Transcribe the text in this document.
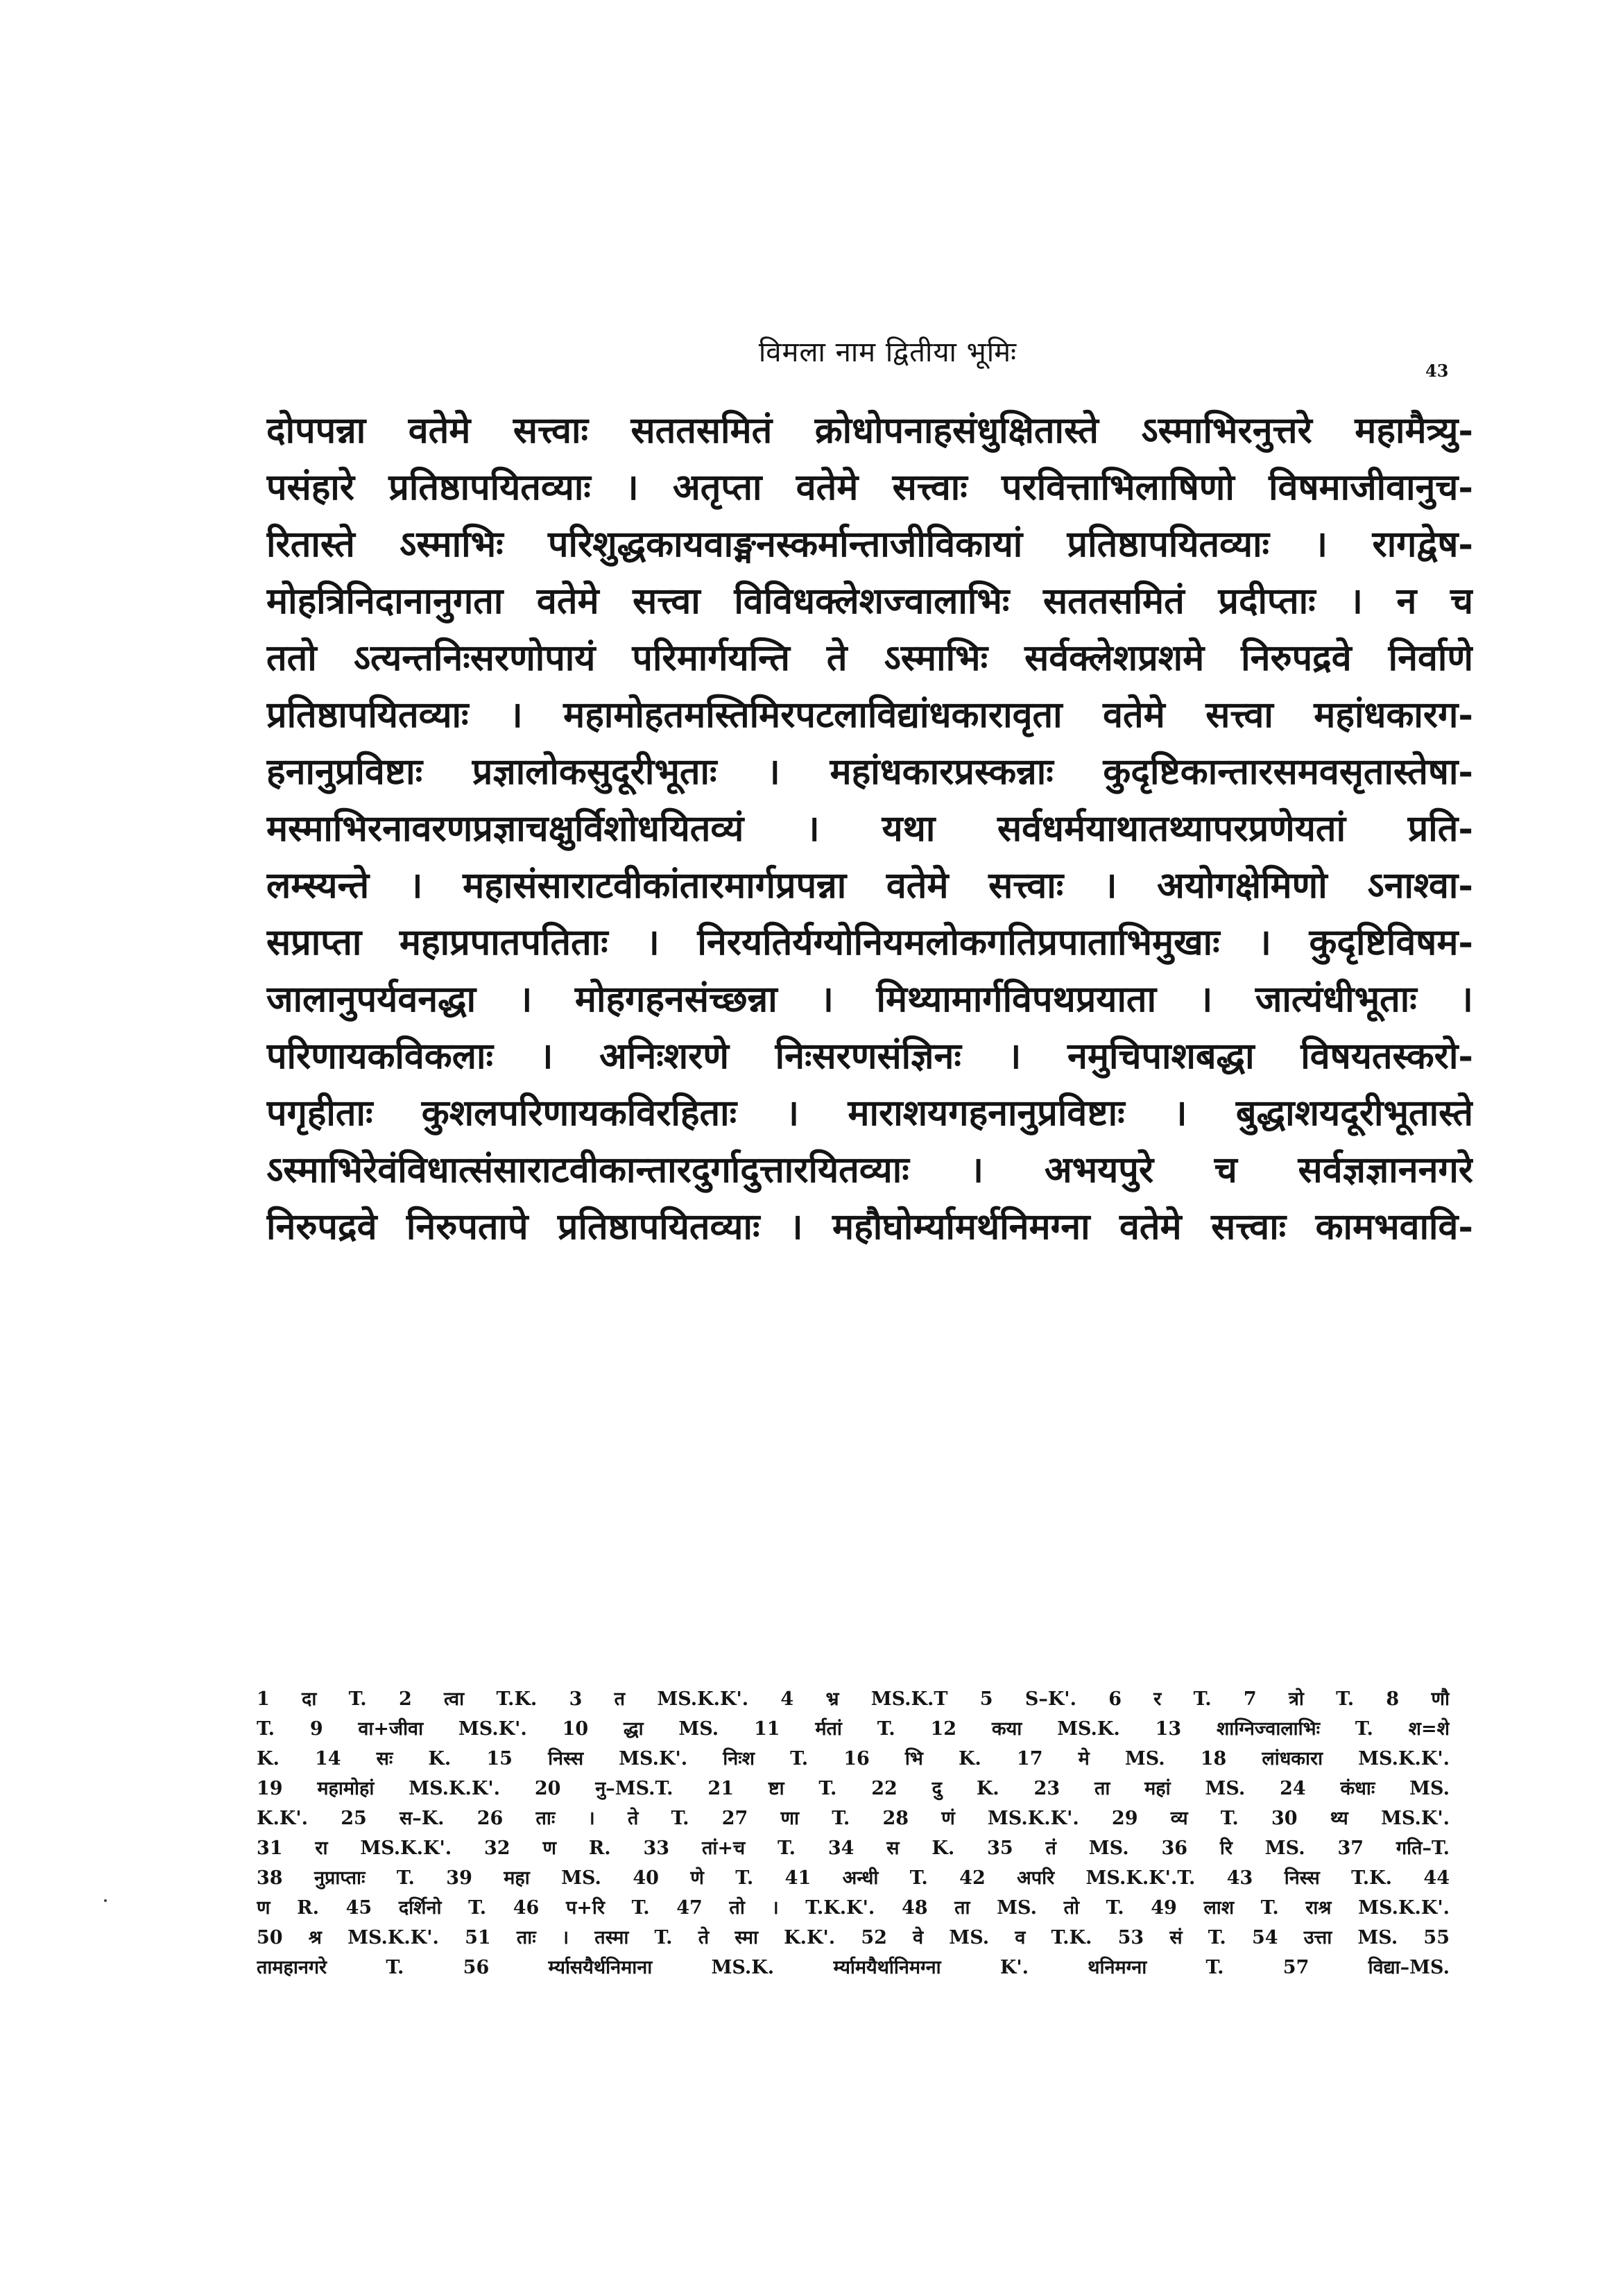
विमला नाम द्वितीया भूमिः
43
दोपपन्ना वतेमे सत्त्वाः सततसमितं क्रोधोपनाहसंधुक्षितास्ते ऽस्माभिरनुत्तरे महामैत्र्यु-
पसंहारे प्रतिष्ठापयितव्याः । अतृप्ता वतेमे सत्त्वाः परवित्ताभिलाषिणो विषमाजीवानुच-
रितास्ते ऽस्माभिः परिशुद्धकायवाङ्मनस्कर्मान्ताजीविकायां प्रतिष्ठापयितव्याः । रागद्वेष-
मोहत्रिनिदानानुगता वतेमे सत्त्वा विविधक्लेशज्वालाभिः सततसमितं प्रदीप्ताः । न च
ततो ऽत्यन्तनिःसरणोपायं परिमार्गयन्ति ते ऽस्माभिः सर्वक्लेशप्रशमे निरुपद्रवे निर्वाणे
प्रतिष्ठापयितव्याः । महामोहतमस्तिमिरपटलाविद्यांधकारावृता वतेमे सत्त्वा महांधकारग-
हनानुप्रविष्टाः प्रज्ञालोकसुदूरीभूताः । महांधकारप्रस्कन्नाः कुदृष्टिकान्तारसमवसृतास्तेषा-
मस्माभिरनावरणप्रज्ञाचक्षुर्विशोधयितव्यं । यथा सर्वधर्मयाथातथ्यापरप्रणेयतां प्रति-
लम्स्यन्ते । महासंसाराटवीकांतारमार्गप्रपन्ना वतेमे सत्त्वाः । अयोगक्षेमिणो ऽनाश्वा-
सप्राप्ता महाप्रपातपतिताः । निरयतिर्यग्योनियमलोकगतिप्रपाताभिमुखाः । कुदृष्टिविषम-
जालानुपर्यवनद्धा । मोहगहनसंच्छन्ना । मिथ्यामार्गविपथप्रयाता । जात्यंधीभूताः ।
परिणायकविकलाः । अनिःशरणे निःसरणसंज्ञिनः । नमुचिपाशबद्धा विषयतस्करो-
पगृहीताः कुशलपरिणायकविरहिताः । माराशयगहनानुप्रविष्टाः । बुद्धाशयदूरीभूतास्ते
ऽस्माभिरेवंविधात्संसाराटवीकान्तारदुर्गादुत्तारयितव्याः । अभयपुरे च सर्वज्ञज्ञाननगरे
निरुपद्रवे निरुपतापे प्रतिष्ठापयितव्याः । महौघोर्म्यामर्थनिमग्ना वतेमे सत्त्वाः कामभवावि-
1 दा T. 2 त्वा T.K. 3 त MS.K.K'. 4 भ्र MS.K.T 5 S–K'. 6 र T. 7 त्रो T. 8 णौ
T. 9 वा+जीवा MS.K'. 10 द्धा MS. 11 र्मतां T. 12 कया MS.K. 13 शाग्निज्वालाभिः T. श=शे
K. 14 सः K. 15 निस्स MS.K'. निःश T. 16 भि K. 17 मे MS. 18 लांधकारा MS.K.K'.
19 महामोहां MS.K.K'. 20 नु–MS.T. 21 ष्टा T. 22 दु K. 23 ता महां MS. 24 कंधाः MS.
K.K'. 25 स–K. 26 ताः । ते T. 27 णा T. 28 णं MS.K.K'. 29 व्य T. 30 थ्य MS.K'.
31 रा MS.K.K'. 32 ण R. 33 तां+च T. 34 स K. 35 तं MS. 36 रि MS. 37 गति–T.
38 नुप्राप्ताः T. 39 महा MS. 40 णे T. 41 अन्धी T. 42 अपरि MS.K.K'.T. 43 निस्स T.K. 44
ण R. 45 दर्शिनो T. 46 प+रि T. 47 तो । T.K.K'. 48 ता MS. तो T. 49 लाश T. राश्र MS.K.K'.
50 श्र MS.K.K'. 51 ताः । तस्मा T. ते स्मा K.K'. 52 वे MS. व T.K. 53 सं T. 54 उत्ता MS. 55
तामहानगरे T. 56 र्म्यासयैर्थनिमाना MS.K. र्म्यामयैर्थानिमग्ना K'. थनिमग्ना T. 57 विद्या–MS.
